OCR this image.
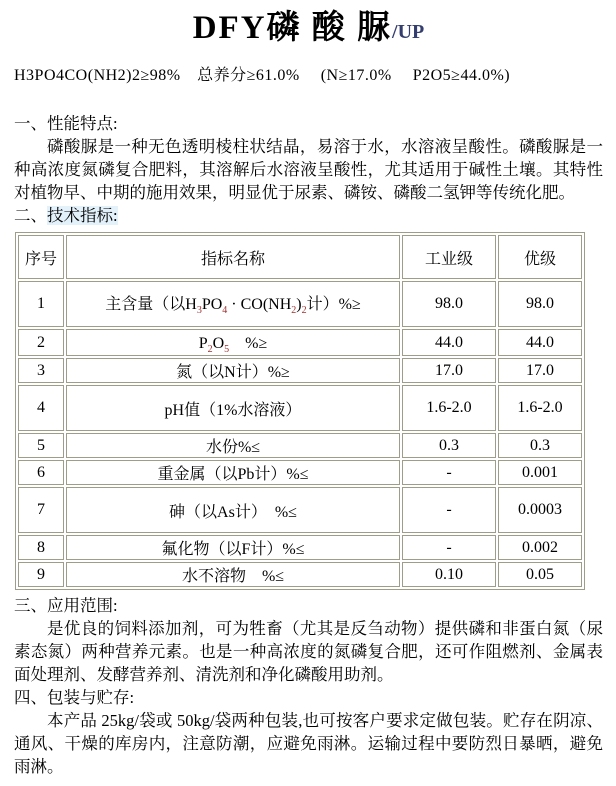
DFY磷 酸 脲/UP
H3PO4CO(NH2)2≥98%　总养分≥61.0%　 (N≥17.0%　 P2O5≥44.0%)
一、性能特点:

磷酸脲是一种无色透明棱柱状结晶，易溶于水，水溶液呈酸性。磷酸脲是一种高浓度氮磷复合肥料，其溶解后水溶液呈酸性，尤其适用于碱性土壤。其特性对植物早、中期的施用效果，明显优于尿素、磷铵、磷酸二氢钾等传统化肥。

二、技术指标:
序号	指标名称	工业级	优级
1	主含量（以$H_3PO_4 \cdot CO(NH_2)_2$计）%≥	98.0	98.0
2	$P_2O_5$　%≥	44.0	44.0
3	氮（以N计）%≥	17.0	17.0
4	pH值（1%水溶液）	1.6-2.0	1.6-2.0
5	水份%≤	0.3	0.3
6	重金属（以Pb计）%≤	-	0.001
7	砷（以As计）　%≤	-	0.0003
8	氟化物（以F计）%≤	-	0.002
9	水不溶物　%≤	0.10	0.05
三、应用范围:

是优良的饲料添加剂，可为牲畜（尤其是反刍动物）提供磷和非蛋白氮（尿素态氮）两种营养元素。也是一种高浓度的氮磷复合肥，还可作阻燃剂、金属表面处理剂、发酵营养剂、清洗剂和净化磷酸用助剂。

四、包装与贮存:

本产品 25kg/袋或 50kg/袋两种包装,也可按客户要求定做包装。贮存在阴凉、通风、干燥的库房内，注意防潮，应避免雨淋。运输过程中要防烈日暴晒，避免雨淋。
